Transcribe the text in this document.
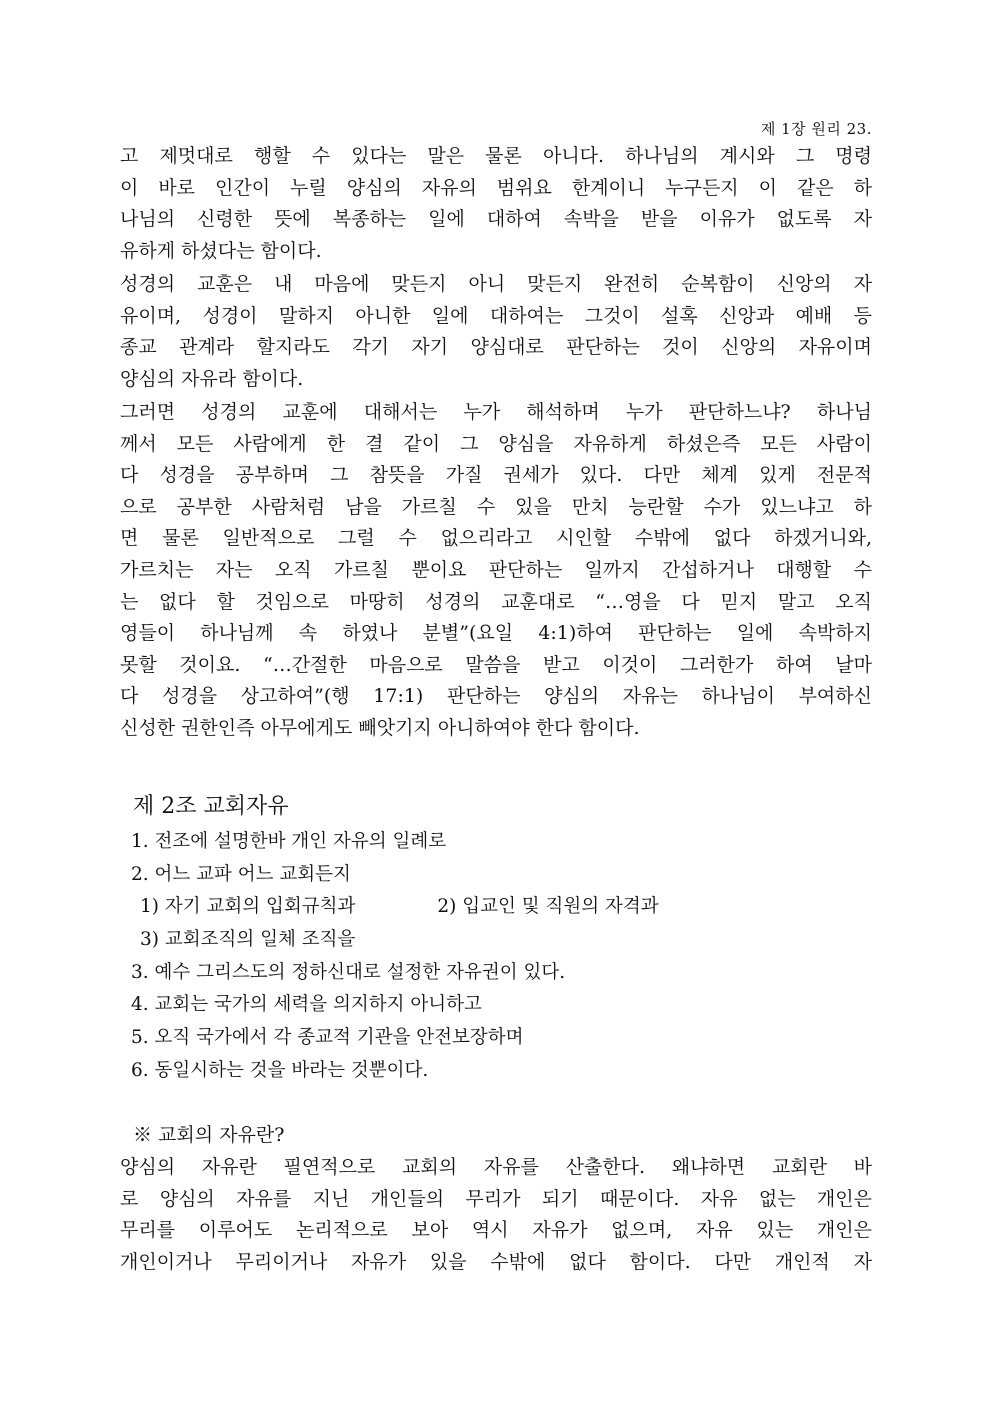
제 1장 원리 23.
고 제멋대로 행할 수 있다는 말은 물론 아니다. 하나님의 계시와 그 명령
이 바로 인간이 누릴 양심의 자유의 범위요 한계이니 누구든지 이 같은 하
나님의 신령한 뜻에 복종하는 일에 대하여 속박을 받을 이유가 없도록 자
유하게 하셨다는 함이다.
성경의 교훈은 내 마음에 맞든지 아니 맞든지 완전히 순복함이 신앙의 자
유이며, 성경이 말하지 아니한 일에 대하여는 그것이 설혹 신앙과 예배 등
종교 관계라 할지라도 각기 자기 양심대로 판단하는 것이 신앙의 자유이며
양심의 자유라 함이다.
그러면 성경의 교훈에 대해서는 누가 해석하며 누가 판단하느냐? 하나님
께서 모든 사람에게 한 결 같이 그 양심을 자유하게 하셨은즉 모든 사람이
다 성경을 공부하며 그 참뜻을 가질 권세가 있다. 다만 체계 있게 전문적
으로 공부한 사람처럼 남을 가르칠 수 있을 만치 능란할 수가 있느냐고 하
면 물론 일반적으로 그럴 수 없으리라고 시인할 수밖에 없다 하겠거니와,
가르치는 자는 오직 가르칠 뿐이요 판단하는 일까지 간섭하거나 대행할 수
는 없다 할 것임으로 마땅히 성경의 교훈대로 “…영을 다 믿지 말고 오직
영들이 하나님께 속 하였나 분별”(요일 4:1)하여 판단하는 일에 속박하지
못할 것이요. “…간절한 마음으로 말씀을 받고 이것이 그러한가 하여 날마
다 성경을 상고하여”(행 17:1) 판단하는 양심의 자유는 하나님이 부여하신
신성한 권한인즉 아무에게도 빼앗기지 아니하여야 한다 함이다.
제 2조 교회자유
1. 전조에 설명한바 개인 자유의 일례로
2. 어느 교파 어느 교회든지
1) 자기 교회의 입회규칙과	2) 입교인 및 직원의 자격과
3) 교회조직의 일체 조직을
3. 예수 그리스도의 정하신대로 설정한 자유권이 있다.
4. 교회는 국가의 세력을 의지하지 아니하고
5. 오직 국가에서 각 종교적 기관을 안전보장하며
6. 동일시하는 것을 바라는 것뿐이다.
※ 교회의 자유란?
양심의 자유란 필연적으로 교회의 자유를 산출한다. 왜냐하면 교회란 바
로 양심의 자유를 지닌 개인들의 무리가 되기 때문이다. 자유 없는 개인은
무리를 이루어도 논리적으로 보아 역시 자유가 없으며, 자유 있는 개인은
개인이거나 무리이거나 자유가 있을 수밖에 없다 함이다. 다만 개인적 자
